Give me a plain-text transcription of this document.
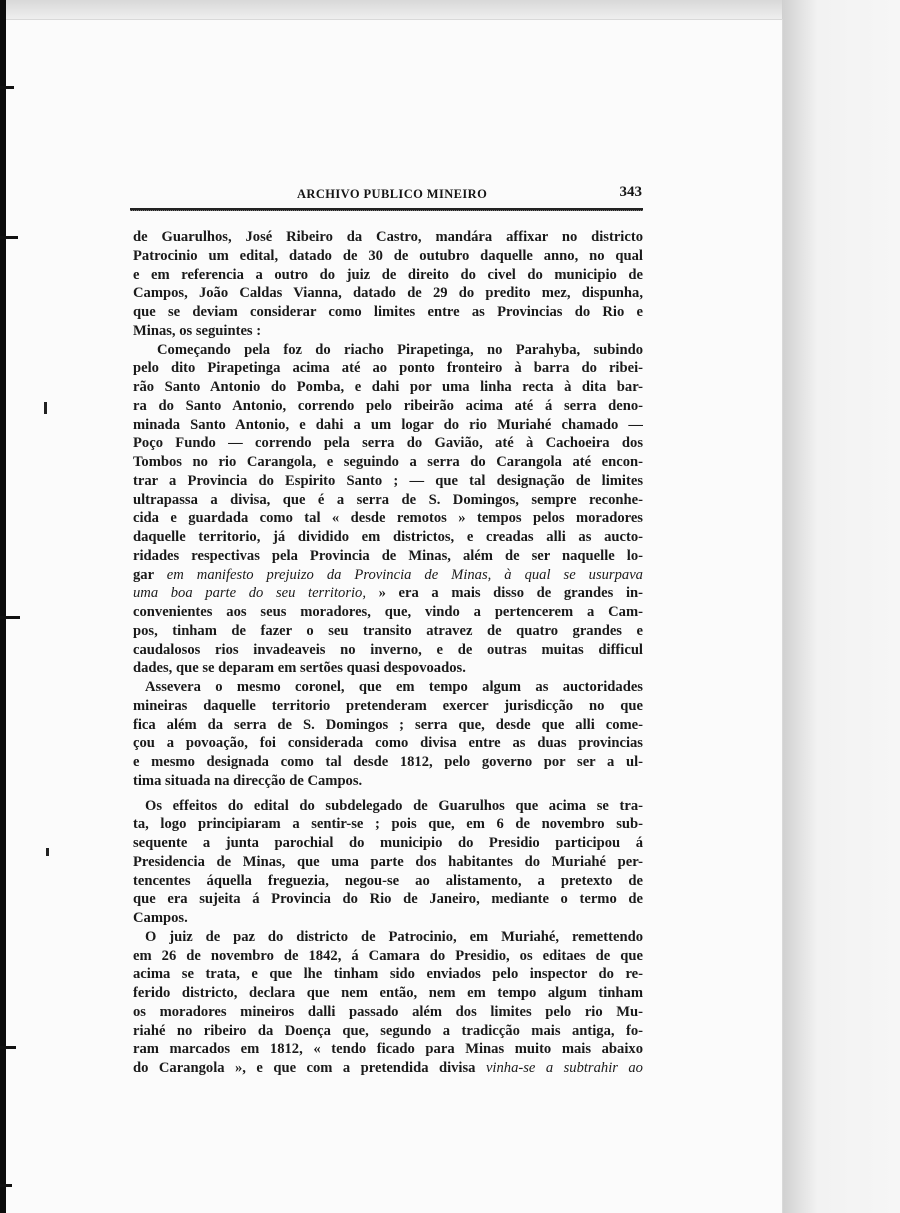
ARCHIVO PUBLICO MINEIRO	343
de Guarulhos, José Ribeiro da Castro, mandára affixar no districto
Patrocinio um edital, datado de 30 de outubro daquelle anno, no qual
e em referencia a outro do juiz de direito do civel do municipio de
Campos, João Caldas Vianna, datado de 29 do predito mez, dispunha,
que se deviam considerar como limites entre as Provincias do Rio e
Minas, os seguintes :
Começando pela foz do riacho Pirapetinga, no Parahyba, subindo
pelo dito Pirapetinga acima até ao ponto fronteiro à barra do ribei-
rão Santo Antonio do Pomba, e dahi por uma linha recta à dita bar-
ra do Santo Antonio, correndo pelo ribeirão acima até á serra deno-
minada Santo Antonio, e dahi a um logar do rio Muriahé chamado —
Poço Fundo — correndo pela serra do Gavião, até à Cachoeira dos
Tombos no rio Carangola, e seguindo a serra do Carangola até encon-
trar a Provincia do Espirito Santo ; — que tal designação de limites
ultrapassa a divisa, que é a serra de S. Domingos, sempre reconhe-
cida e guardada como tal « desde remotos » tempos pelos moradores
daquelle territorio, já dividido em districtos, e creadas alli as aucto-
ridades respectivas pela Provincia de Minas, além de ser naquelle lo-
gar em manifesto prejuizo da Provincia de Minas, à qual se usurpava
uma boa parte do seu territorio, » era a mais disso de grandes in-
convenientes aos seus moradores, que, vindo a pertencerem a Cam-
pos, tinham de fazer o seu transito atravez de quatro grandes e
caudalosos rios invadeaveis no inverno, e de outras muitas difficul
dades, que se deparam em sertões quasi despovoados.
Assevera o mesmo coronel, que em tempo algum as auctoridades
mineiras daquelle territorio pretenderam exercer jurisdicção no que
fica além da serra de S. Domingos ; serra que, desde que alli come-
çou a povoação, foi considerada como divisa entre as duas provincias
e mesmo designada como tal desde 1812, pelo governo por ser a ul-
tima situada na direcção de Campos.
Os effeitos do edital do subdelegado de Guarulhos que acima se tra-
ta, logo principiaram a sentir-se ; pois que, em 6 de novembro sub-
sequente a junta parochial do municipio do Presidio participou á
Presidencia de Minas, que uma parte dos habitantes do Muriahé per-
tencentes áquella freguezia, negou-se ao alistamento, a pretexto de
que era sujeita á Provincia do Rio de Janeiro, mediante o termo de
Campos.
O juiz de paz do districto de Patrocinio, em Muriahé, remettendo
em 26 de novembro de 1842, á Camara do Presidio, os editaes de que
acima se trata, e que lhe tinham sido enviados pelo inspector do re-
ferido districto, declara que nem então, nem em tempo algum tinham
os moradores mineiros dalli passado além dos limites pelo rio Mu-
riahé no ribeiro da Doença que, segundo a tradicção mais antiga, fo-
ram marcados em 1812, « tendo ficado para Minas muito mais abaixo
do Carangola », e que com a pretendida divisa vinha-se a subtrahir ao
